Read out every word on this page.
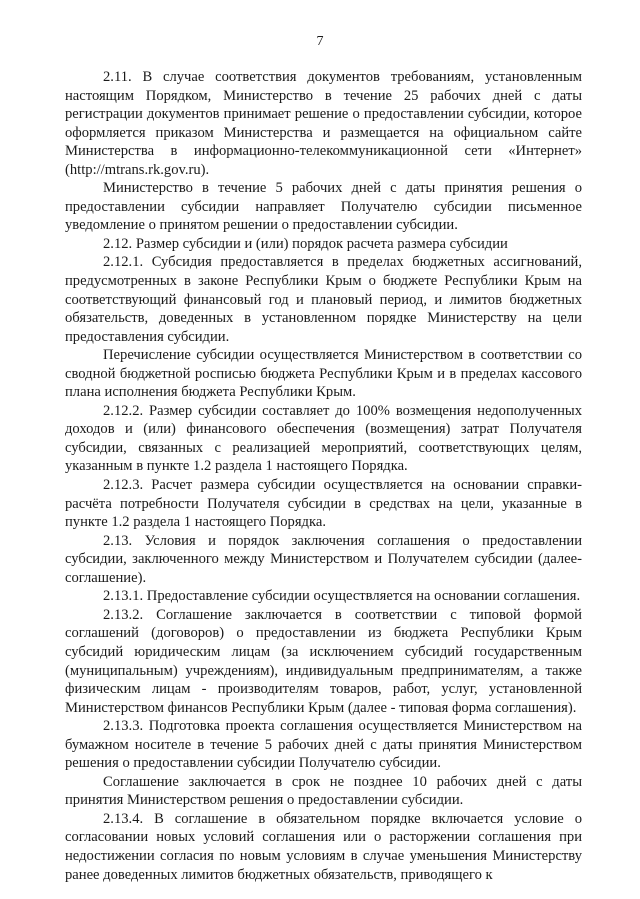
7

2.11. В случае соответствия документов требованиям, установленным настоящим Порядком, Министерство в течение 25 рабочих дней с даты регистрации документов принимает решение о предоставлении субсидии, которое оформляется приказом Министерства и размещается на официальном сайте Министерства в информационно-телекоммуникационной сети «Интернет» (http://mtrans.rk.gov.ru).

Министерство в течение 5 рабочих дней с даты принятия решения о предоставлении субсидии направляет Получателю субсидии письменное уведомление о принятом решении о предоставлении субсидии.

2.12. Размер субсидии и (или) порядок расчета размера субсидии

2.12.1. Субсидия предоставляется в пределах бюджетных ассигнований, предусмотренных в законе Республики Крым о бюджете Республики Крым на соответствующий финансовый год и плановый период, и лимитов бюджетных обязательств, доведенных в установленном порядке Министерству на цели предоставления субсидии.

Перечисление субсидии осуществляется Министерством в соответствии со сводной бюджетной росписью бюджета Республики Крым и в пределах кассового плана исполнения бюджета Республики Крым.

2.12.2. Размер субсидии составляет до 100% возмещения недополученных доходов и (или) финансового обеспечения (возмещения) затрат Получателя субсидии, связанных с реализацией мероприятий, соответствующих целям, указанным в пункте 1.2 раздела 1 настоящего Порядка.

2.12.3. Расчет размера субсидии осуществляется на основании справки-расчёта потребности Получателя субсидии в средствах на цели, указанные в пункте 1.2 раздела 1 настоящего Порядка.

2.13. Условия и порядок заключения соглашения о предоставлении субсидии, заключенного между Министерством и Получателем субсидии (далее- соглашение).

2.13.1. Предоставление субсидии осуществляется на основании соглашения.

2.13.2. Соглашение заключается в соответствии с типовой формой соглашений (договоров) о предоставлении из бюджета Республики Крым субсидий юридическим лицам (за исключением субсидий государственным (муниципальным) учреждениям), индивидуальным предпринимателям, а также физическим лицам - производителям товаров, работ, услуг, установленной Министерством финансов Республики Крым (далее - типовая форма соглашения).

2.13.3. Подготовка проекта соглашения осуществляется Министерством на бумажном носителе в течение 5 рабочих дней с даты принятия Министерством решения о предоставлении субсидии Получателю субсидии.

Соглашение заключается в срок не позднее 10 рабочих дней с даты принятия Министерством решения о предоставлении субсидии.

2.13.4. В соглашение в обязательном порядке включается условие о согласовании новых условий соглашения или о расторжении соглашения при недостижении согласия по новым условиям в случае уменьшения Министерству ранее доведенных лимитов бюджетных обязательств, приводящего к
